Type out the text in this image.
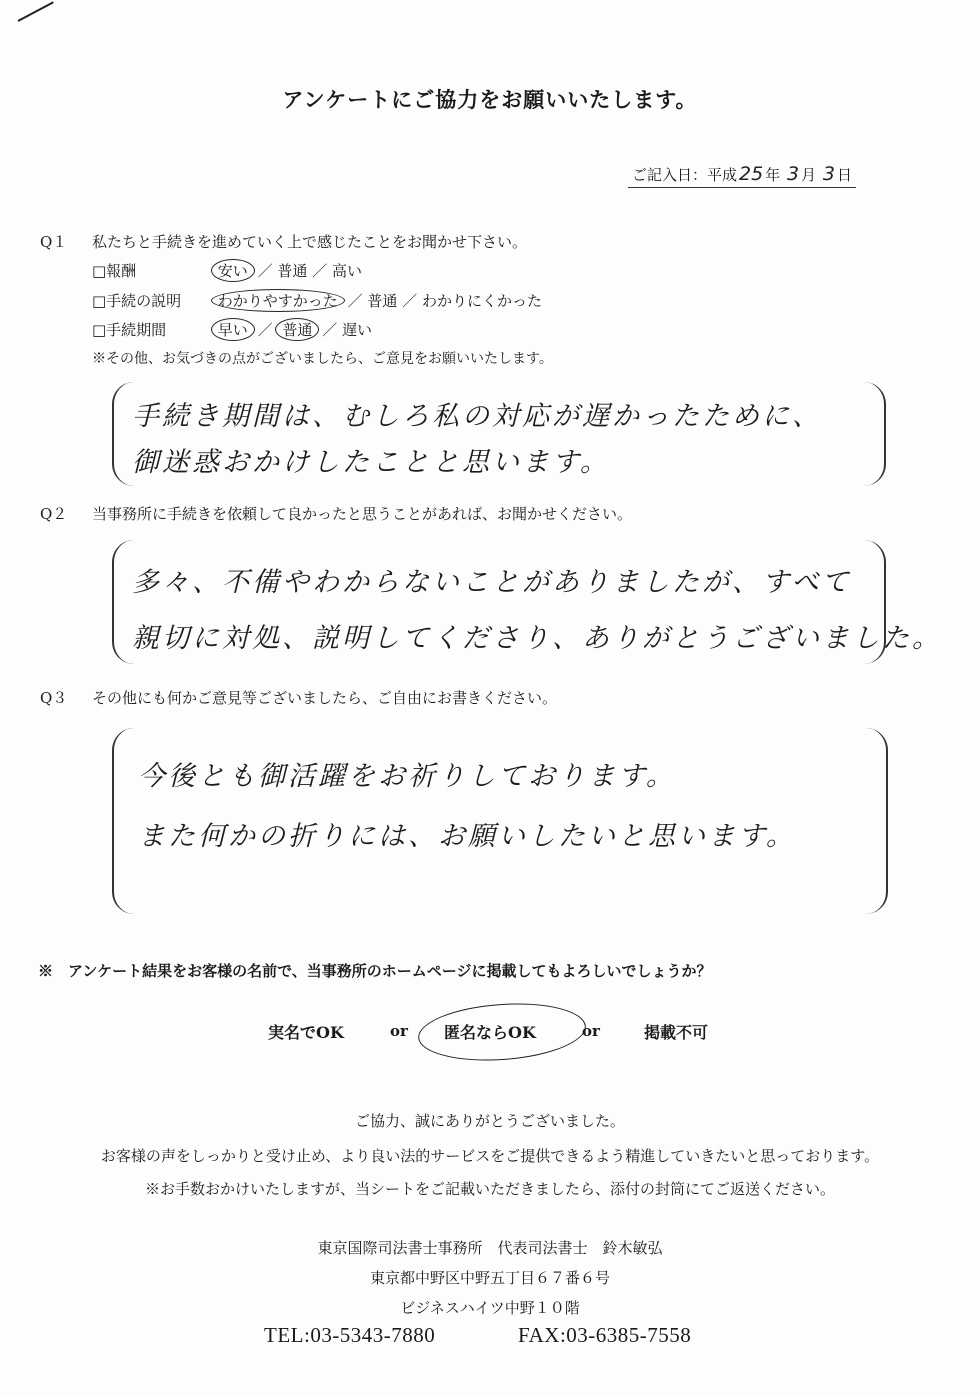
アンケートにご協力をお願いいたします。
ご記入日：平成 25 年 3 月 3 日
Q１ 私たちと手続きを進めていく上で感じたことをお聞かせ下さい。
□報酬	安い ／ 普通 ／ 高い
□手続の説明 わかりやすかった ／ 普通 ／ わかりにくかった
□手続期間	早い ／ 普通 ／ 遅い
※その他、お気づきの点がございましたら、ご意見をお願いいたします。
手続き期間は、むしろ私の対応が遅かったために、
御迷惑おかけしたことと思います。
Q２ 当事務所に手続きを依頼して良かったと思うことがあれば、お聞かせください。
多々、不備やわからないことがありましたが、すべて
親切に対処、説明してくださり、ありがとうございました。
Q３ その他にも何かご意見等ございましたら、ご自由にお書きください。
今後とも御活躍をお祈りしております。
また何かの折りには、お願いしたいと思います。
※　アンケート結果をお客様の名前で、当事務所のホームページに掲載してもよろしいでしょうか？
実名でOK	or 匿名ならOK	or	掲載不可
ご協力、誠にありがとうございました。
お客様の声をしっかりと受け止め、より良い法的サービスをご提供できるよう精進していきたいと思っております。
※お手数おかけいたしますが、当シートをご記載いただきましたら、添付の封筒にてご返送ください。
東京国際司法書士事務所　代表司法書士　鈴木敏弘
東京都中野区中野五丁目６７番６号
ビジネスハイツ中野１０階
TEL:03-5343-7880	FAX:03-6385-7558
